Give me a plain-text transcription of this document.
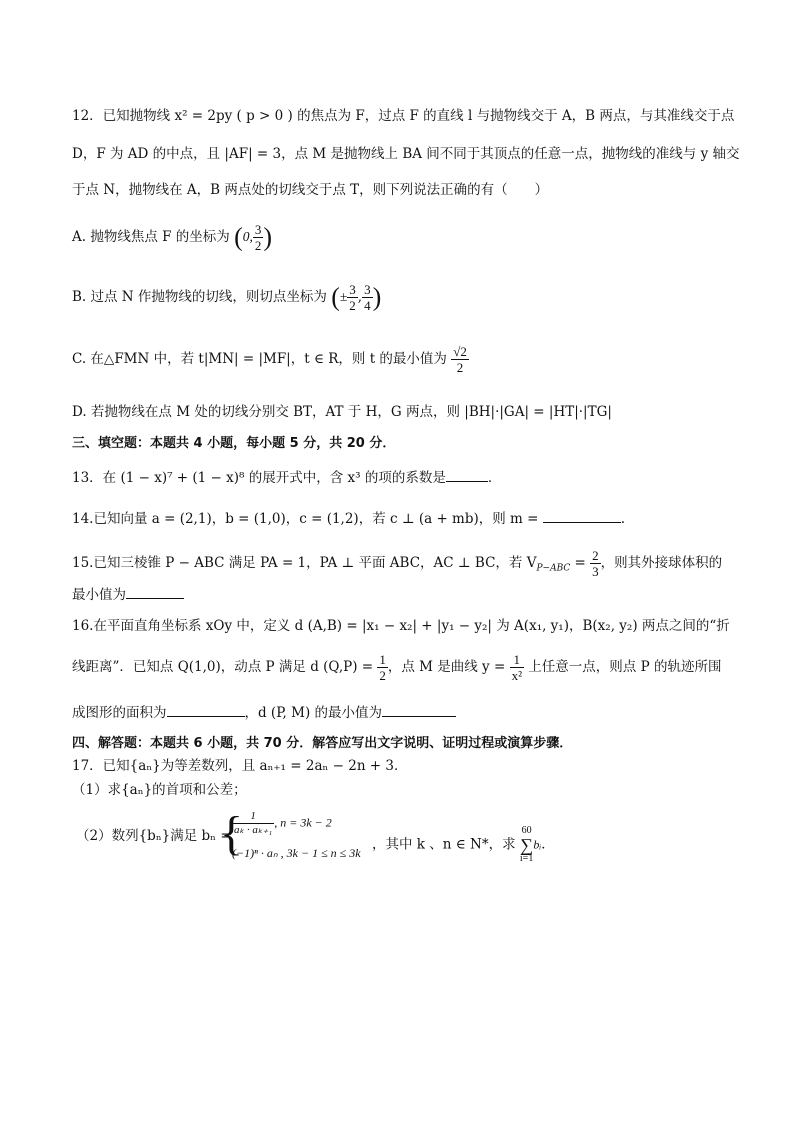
12．已知抛物线 x² = 2py ( p > 0 ) 的焦点为 F，过点 F 的直线 l 与抛物线交于 A，B 两点，与其准线交于点
D，F 为 AD 的中点，且 |AF| = 3，点 M 是抛物线上 BA 间不同于其顶点的任意一点，抛物线的准线与 y 轴交
于点 N，抛物线在 A，B 两点处的切线交于点 T，则下列说法正确的有（　　）
A. 抛物线焦点 F 的坐标为 (0, $\frac{3}{2}$ )
B. 过点 N 作抛物线的切线，则切点坐标为 (± $\frac{3}{2}$ , $\frac{3}{4}$ )
C. 在△FMN 中，若 t|MN| = |MF|，t ∈ R，则 t 的最小值为 $\frac{√2}{2}$
D. 若抛物线在点 M 处的切线分别交 BT，AT 于 H，G 两点，则 |BH|·|GA| = |HT|·|TG|
三、填空题：本题共 4 小题，每小题 5 分，共 20 分．
13．在 (1 − x)⁷ + (1 − x)⁸ 的展开式中，含 x³ 的项的系数是	．
14.已知向量 a = (2,1)，b = (1,0)，c = (1,2)，若 c ⊥ (a + mb)，则 m =	.
15.已知三棱锥 P − ABC 满足 PA = 1，PA ⊥ 平面 ABC，AC ⊥ BC，若 $V_{P-ABC} = \frac{2}{3}$ ，则其外接球体积的
最小值为
16.在平面直角坐标系 xOy 中，定义 d (A,B) = |x₁ − x₂| + |y₁ − y₂| 为 A(x₁, y₁)，B(x₂, y₂) 两点之间的“折
线距离”．已知点 Q(1,0)，动点 P 满足 d $(Q,P) = \frac{1}{2}$ ，点 M 是曲线 $y = \frac{1}{\text{x²}}$ 上任意一点，则点 P 的轨迹所围
成图形的面积为	，d (P, M) 的最小值为
四、解答题：本题共 6 小题，共 70 分．解答应写出文字说明、证明过程或演算步骤．
17．已知{aₙ}为等差数列，且 aₙ₊₁ = 2aₙ − 2n + 3．
（1）求{aₙ}的首项和公差；
（2）数列{bₙ}满足 bₙ =
{
$\frac{1}{\text{aₖ · aₖ₊₁}}$ , n = 3k − 2
(−1)ⁿ · aₙ , 3k − 1 ≤ n ≤ 3k
，其中 k 、n ∈ N*，求 60
∑
i=1bᵢ．
